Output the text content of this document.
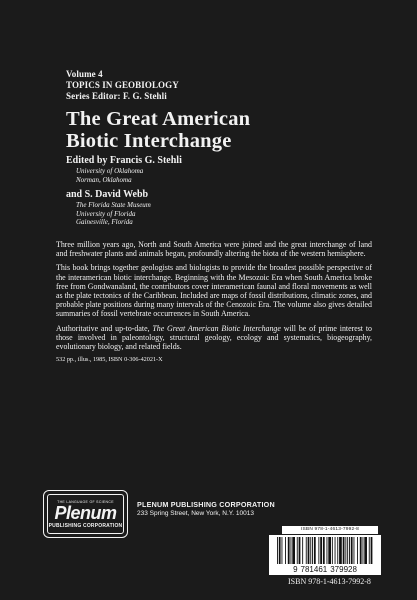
Volume 4
TOPICS IN GEOBIOLOGY
Series Editor: F. G. Stehli
The Great American
Biotic Interchange
Edited by Francis G. Stehli
University of Oklahoma
Norman, Oklahoma
and S. David Webb
The Florida State Museum
University of Florida
Gainesville, Florida

Three million years ago, North and South America were joined and the great interchange of land and freshwater plants and animals began, profoundly altering the biota of the western hemisphere.

This book brings together geologists and biologists to provide the broadest possible perspective of the interamerican biotic interchange. Beginning with the Mesozoic Era when South America broke free from Gondwanaland, the contributors cover interamerican faunal and floral movements as well as the plate tectonics of the Caribbean. Included are maps of fossil distributions, climatic zones, and probable plate positions during many intervals of the Cenozoic Era. The volume also gives detailed summaries of fossil vertebrate occurrences in South America.

Authoritative and up-to-date, The Great American Biotic Interchange will be of prime interest to those involved in paleontology, structural geology, ecology and systematics, biogeography, evolutionary biology, and related fields.

532 pp., illus., 1985, ISBN 0-306-42021-X

THE LANGUAGE OF SCIENCE
Plenum
PUBLISHING CORPORATION
PLENUM PUBLISHING CORPORATION
233 Spring Street, New York, N.Y. 10013
ISBN 978-1-4613-7992-8
9 781461 379928
ISBN 978-1-4613-7992-8
